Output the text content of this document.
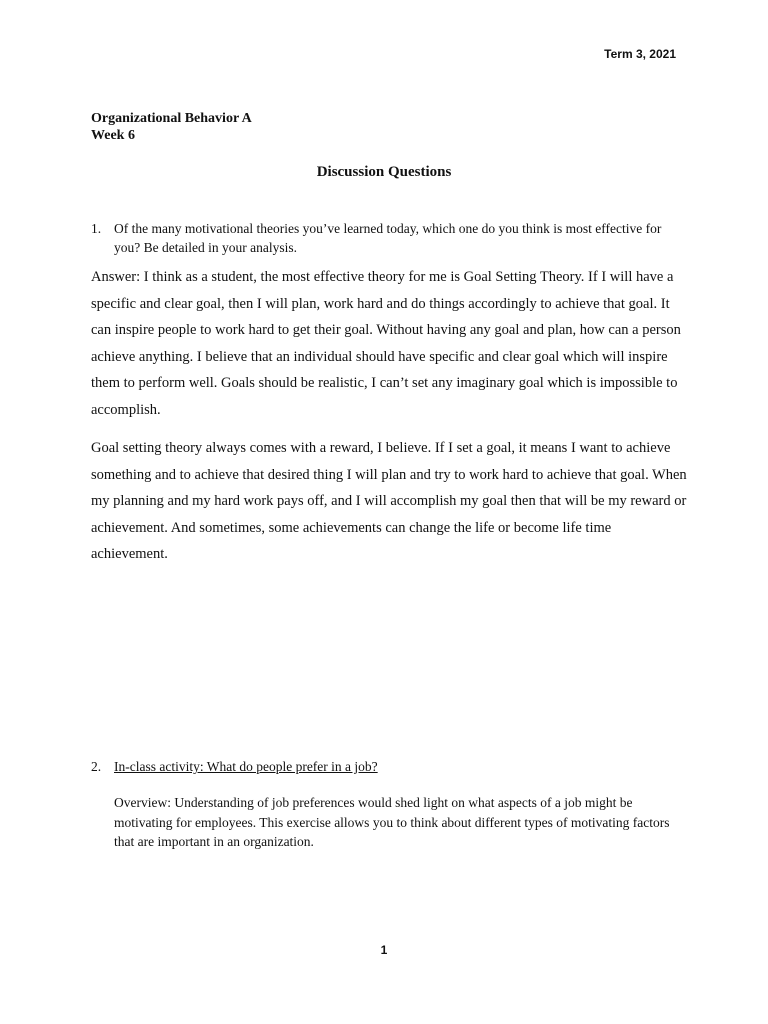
Term 3, 2021
Organizational Behavior A
Week 6
Discussion Questions
1. Of the many motivational theories you’ve learned today, which one do you think is most effective for you? Be detailed in your analysis.
Answer: I think as a student, the most effective theory for me is Goal Setting Theory. If I will have a specific and clear goal, then I will plan, work hard and do things accordingly to achieve that goal. It can inspire people to work hard to get their goal. Without having any goal and plan, how can a person achieve anything. I believe that an individual should have specific and clear goal which will inspire them to perform well. Goals should be realistic, I can’t set any imaginary goal which is impossible to accomplish.
Goal setting theory always comes with a reward, I believe. If I set a goal, it means I want to achieve something and to achieve that desired thing I will plan and try to work hard to achieve that goal. When my planning and my hard work pays off, and I will accomplish my goal then that will be my reward or achievement. And sometimes, some achievements can change the life or become life time achievement.
2. In-class activity: What do people prefer in a job?
Overview: Understanding of job preferences would shed light on what aspects of a job might be motivating for employees. This exercise allows you to think about different types of motivating factors that are important in an organization.
1
